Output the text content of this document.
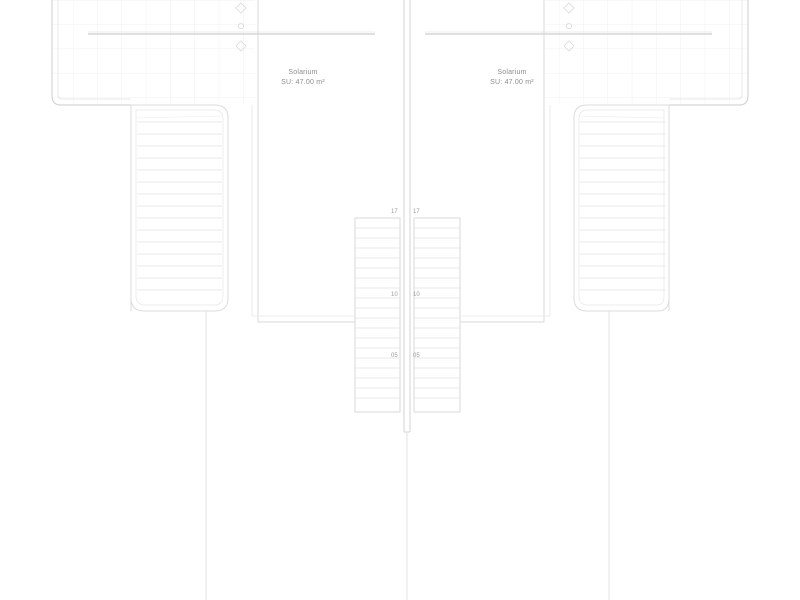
Solarium
SU: 47.00 m²
Solarium
SU: 47.00 m²
17
10
05
17
10
05
